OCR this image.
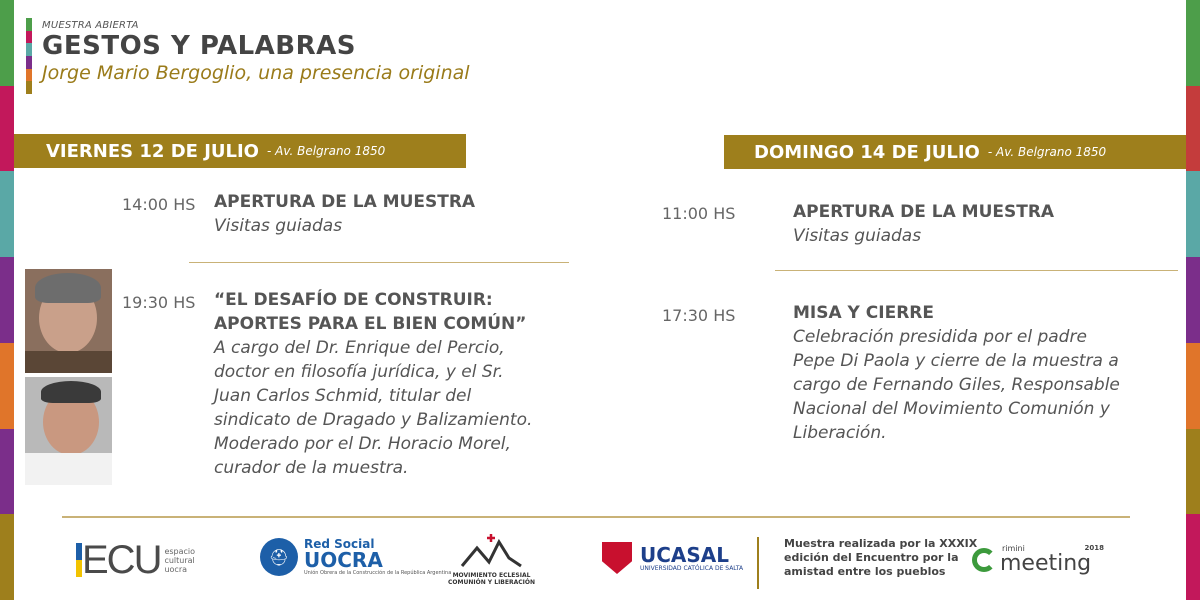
MUESTRA ABIERTA
GESTOS Y PALABRAS
Jorge Mario Bergoglio, una presencia original
VIERNES 12 DE JULIO - Av. Belgrano 1850	DOMINGO 14 DE JULIO - Av. Belgrano 1850
14:00 HS APERTURA DE LA MUESTRA
Visitas guiadas
19:30 HS “EL DESAFÍO DE CONSTRUIR:
APORTES PARA EL BIEN COMÚN”
A cargo del Dr. Enrique del Percio,
doctor en filosofía jurídica, y el Sr.
Juan Carlos Schmid, titular del
sindicato de Dragado y Balizamiento.
Moderado por el Dr. Horacio Morel,
curador de la muestra.
11:00 HS	APERTURA DE LA MUESTRA
Visitas guiadas
17:30 HS	MISA Y CIERRE
Celebración presidida por el padre
Pepe Di Paola y cierre de la muestra a
cargo de Fernando Giles, Responsable
Nacional del Movimiento Comunión y
Liberación.
ECU espacio
cultural
uocra
⛑
Red Social
UOCRA
Unión Obrera de la Construcción de la República Argentina MOVIMIENTO ECLESIAL
COMUNIÓN Y LIBERACIÓN
UCASAL
UNIVERSIDAD CATÓLICA DE SALTA
Muestra realizada por la XXXIX
edición del Encuentro por la
amistad entre los pueblos
rimini	2018
meeting
